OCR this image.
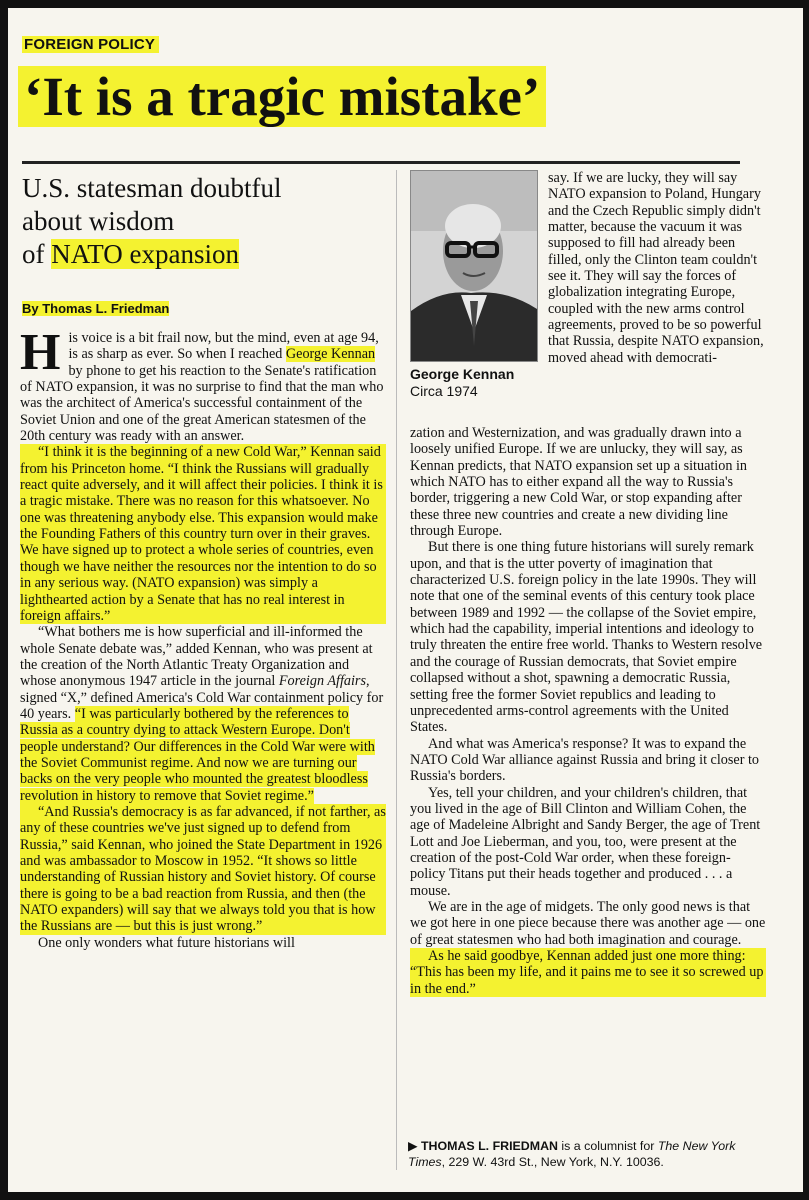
FOREIGN POLICY
‘It is a tragic mistake’
U.S. statesman doubtful
about wisdom
of NATO expansion
By Thomas L. Friedman

His voice is a bit frail now, but the mind, even at age 94, is as sharp as ever. So when I reached George Kennan by phone to get his reaction to the Senate's ratification of NATO expansion, it was no surprise to find that the man who was the architect of America's successful containment of the Soviet Union and one of the great American statesmen of the 20th century was ready with an answer.

“I think it is the beginning of a new Cold War,” Kennan said from his Princeton home. “I think the Russians will gradually react quite adversely, and it will affect their policies. I think it is a tragic mistake. There was no reason for this whatsoever. No one was threatening anybody else. This expansion would make the Founding Fathers of this country turn over in their graves. We have signed up to protect a whole series of countries, even though we have neither the resources nor the intention to do so in any serious way. (NATO expansion) was simply a lighthearted action by a Senate that has no real interest in foreign affairs.”

“What bothers me is how superficial and ill-informed the whole Senate debate was,” added Kennan, who was present at the creation of the North Atlantic Treaty Organization and whose anonymous 1947 article in the journal Foreign Affairs, signed “X,” defined America's Cold War containment policy for 40 years. “I was particularly bothered by the references to Russia as a country dying to attack Western Europe. Don't people understand? Our differences in the Cold War were with the Soviet Communist regime. And now we are turning our backs on the very people who mounted the greatest bloodless revolution in history to remove that Soviet regime.”

“And Russia's democracy is as far advanced, if not farther, as any of these countries we've just signed up to defend from Russia,” said Kennan, who joined the State Department in 1926 and was ambassador to Moscow in 1952. “It shows so little understanding of Russian history and Soviet history. Of course there is going to be a bad reaction from Russia, and then (the NATO expanders) will say that we always told you that is how the Russians are — but this is just wrong.”

One only wonders what future historians will

George Kennan
Circa 1974

say. If we are lucky, they will say NATO expansion to Poland, Hungary and the Czech Republic simply didn't matter, because the vacuum it was supposed to fill had already been filled, only the Clinton team couldn't see it. They will say the forces of globalization integrating Europe, coupled with the new arms control agreements, proved to be so powerful that Russia, despite NATO expansion, moved ahead with democrati-

zation and Westernization, and was gradually drawn into a loosely unified Europe. If we are unlucky, they will say, as Kennan predicts, that NATO expansion set up a situation in which NATO has to either expand all the way to Russia's border, triggering a new Cold War, or stop expanding after these three new countries and create a new dividing line through Europe.

But there is one thing future historians will surely remark upon, and that is the utter poverty of imagination that characterized U.S. foreign policy in the late 1990s. They will note that one of the seminal events of this century took place between 1989 and 1992 — the collapse of the Soviet empire, which had the capability, imperial intentions and ideology to truly threaten the entire free world. Thanks to Western resolve and the courage of Russian democrats, that Soviet empire collapsed without a shot, spawning a democratic Russia, setting free the former Soviet republics and leading to unprecedented arms-control agreements with the United States.

And what was America's response? It was to expand the NATO Cold War alliance against Russia and bring it closer to Russia's borders.

Yes, tell your children, and your children's children, that you lived in the age of Bill Clinton and William Cohen, the age of Madeleine Albright and Sandy Berger, the age of Trent Lott and Joe Lieberman, and you, too, were present at the creation of the post-Cold War order, when these foreign-policy Titans put their heads together and produced . . . a mouse.

We are in the age of midgets. The only good news is that we got here in one piece because there was another age — one of great statesmen who had both imagination and courage.

As he said goodbye, Kennan added just one more thing: “This has been my life, and it pains me to see it so screwed up in the end.”

▶ THOMAS L. FRIEDMAN is a columnist for The New York Times, 229 W. 43rd St., New York, N.Y. 10036.
